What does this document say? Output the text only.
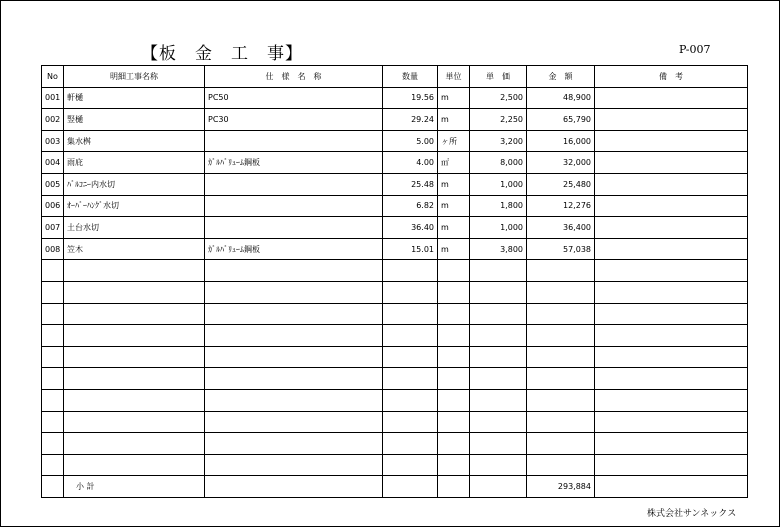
【板　金　工　事】	P-007
No	明細工事名称	仕　様　名　称	数量	単位	単　価	金　額	備　考
001	軒樋	PC50	19.56	m	2,500	48,900	
002	竪樋	PC30	29.24	m	2,250	65,790	
003	集水桝		5.00	ヶ所	3,200	16,000	
004	雨庇	ｶﾞﾙﾊﾞﾘｭｰﾑ鋼板	4.00	㎡	8,000	32,000	
005	ﾊﾞﾙｺﾆｰ内水切		25.48	m	1,000	25,480	
006	ｵｰﾊﾞｰﾊﾝｸﾞ水切		6.82	m	1,800	12,276	
007	土台水切		36.40	m	1,000	36,400	
008	笠木	ｶﾞﾙﾊﾞﾘｭｰﾑ鋼板	15.01	m	3,800	57,038	

	小 計					293,884	
株式会社サンネックス
